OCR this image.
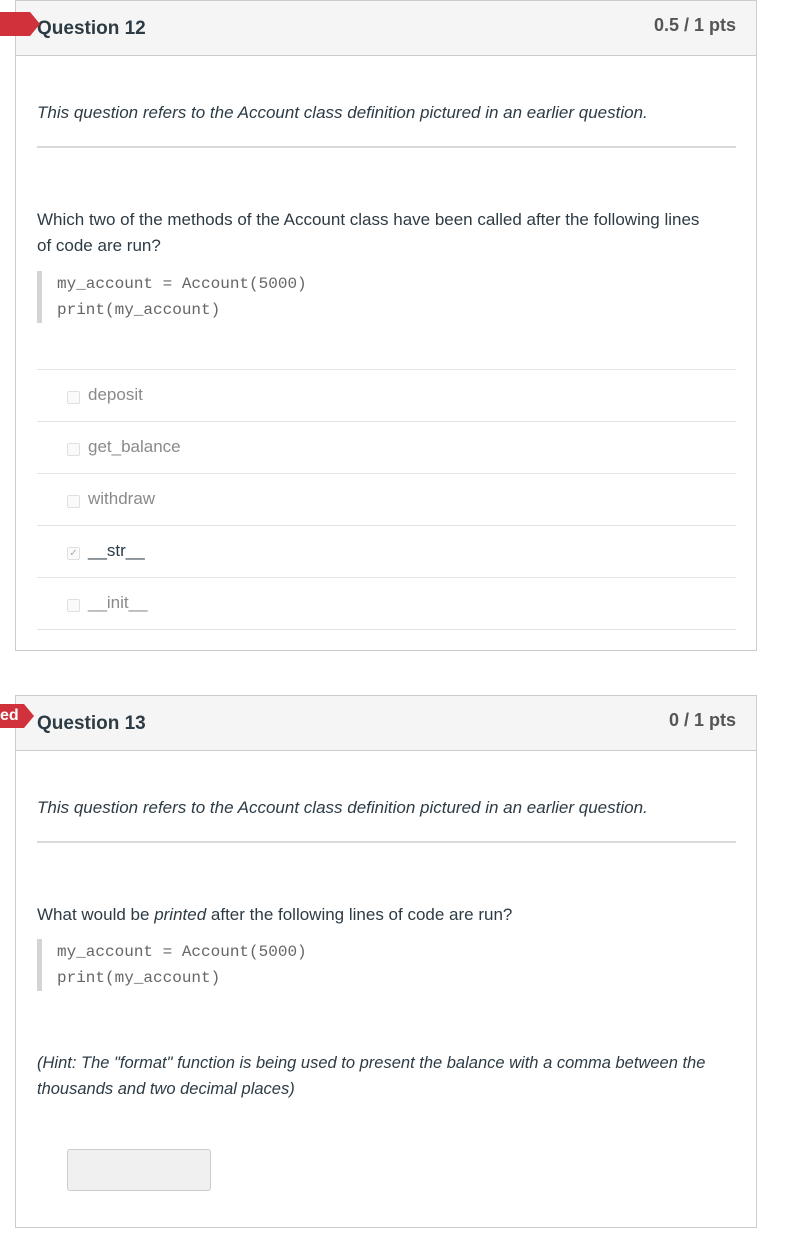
Question 12	0.5 / 1 pts
This question refers to the Account class definition pictured in an earlier question.
Which two of the methods of the Account class have been called after the following lines of code are run?
my_account = Account(5000)
print(my_account)
deposit
get_balance
withdraw
✓ __str__
__init__
Question 13	0 / 1 pts
This question refers to the Account class definition pictured in an earlier question.
What would be printed after the following lines of code are run?
my_account = Account(5000)
print(my_account)
(Hint: The "format" function is being used to present the balance with a comma between the thousands and two decimal places)
ed
